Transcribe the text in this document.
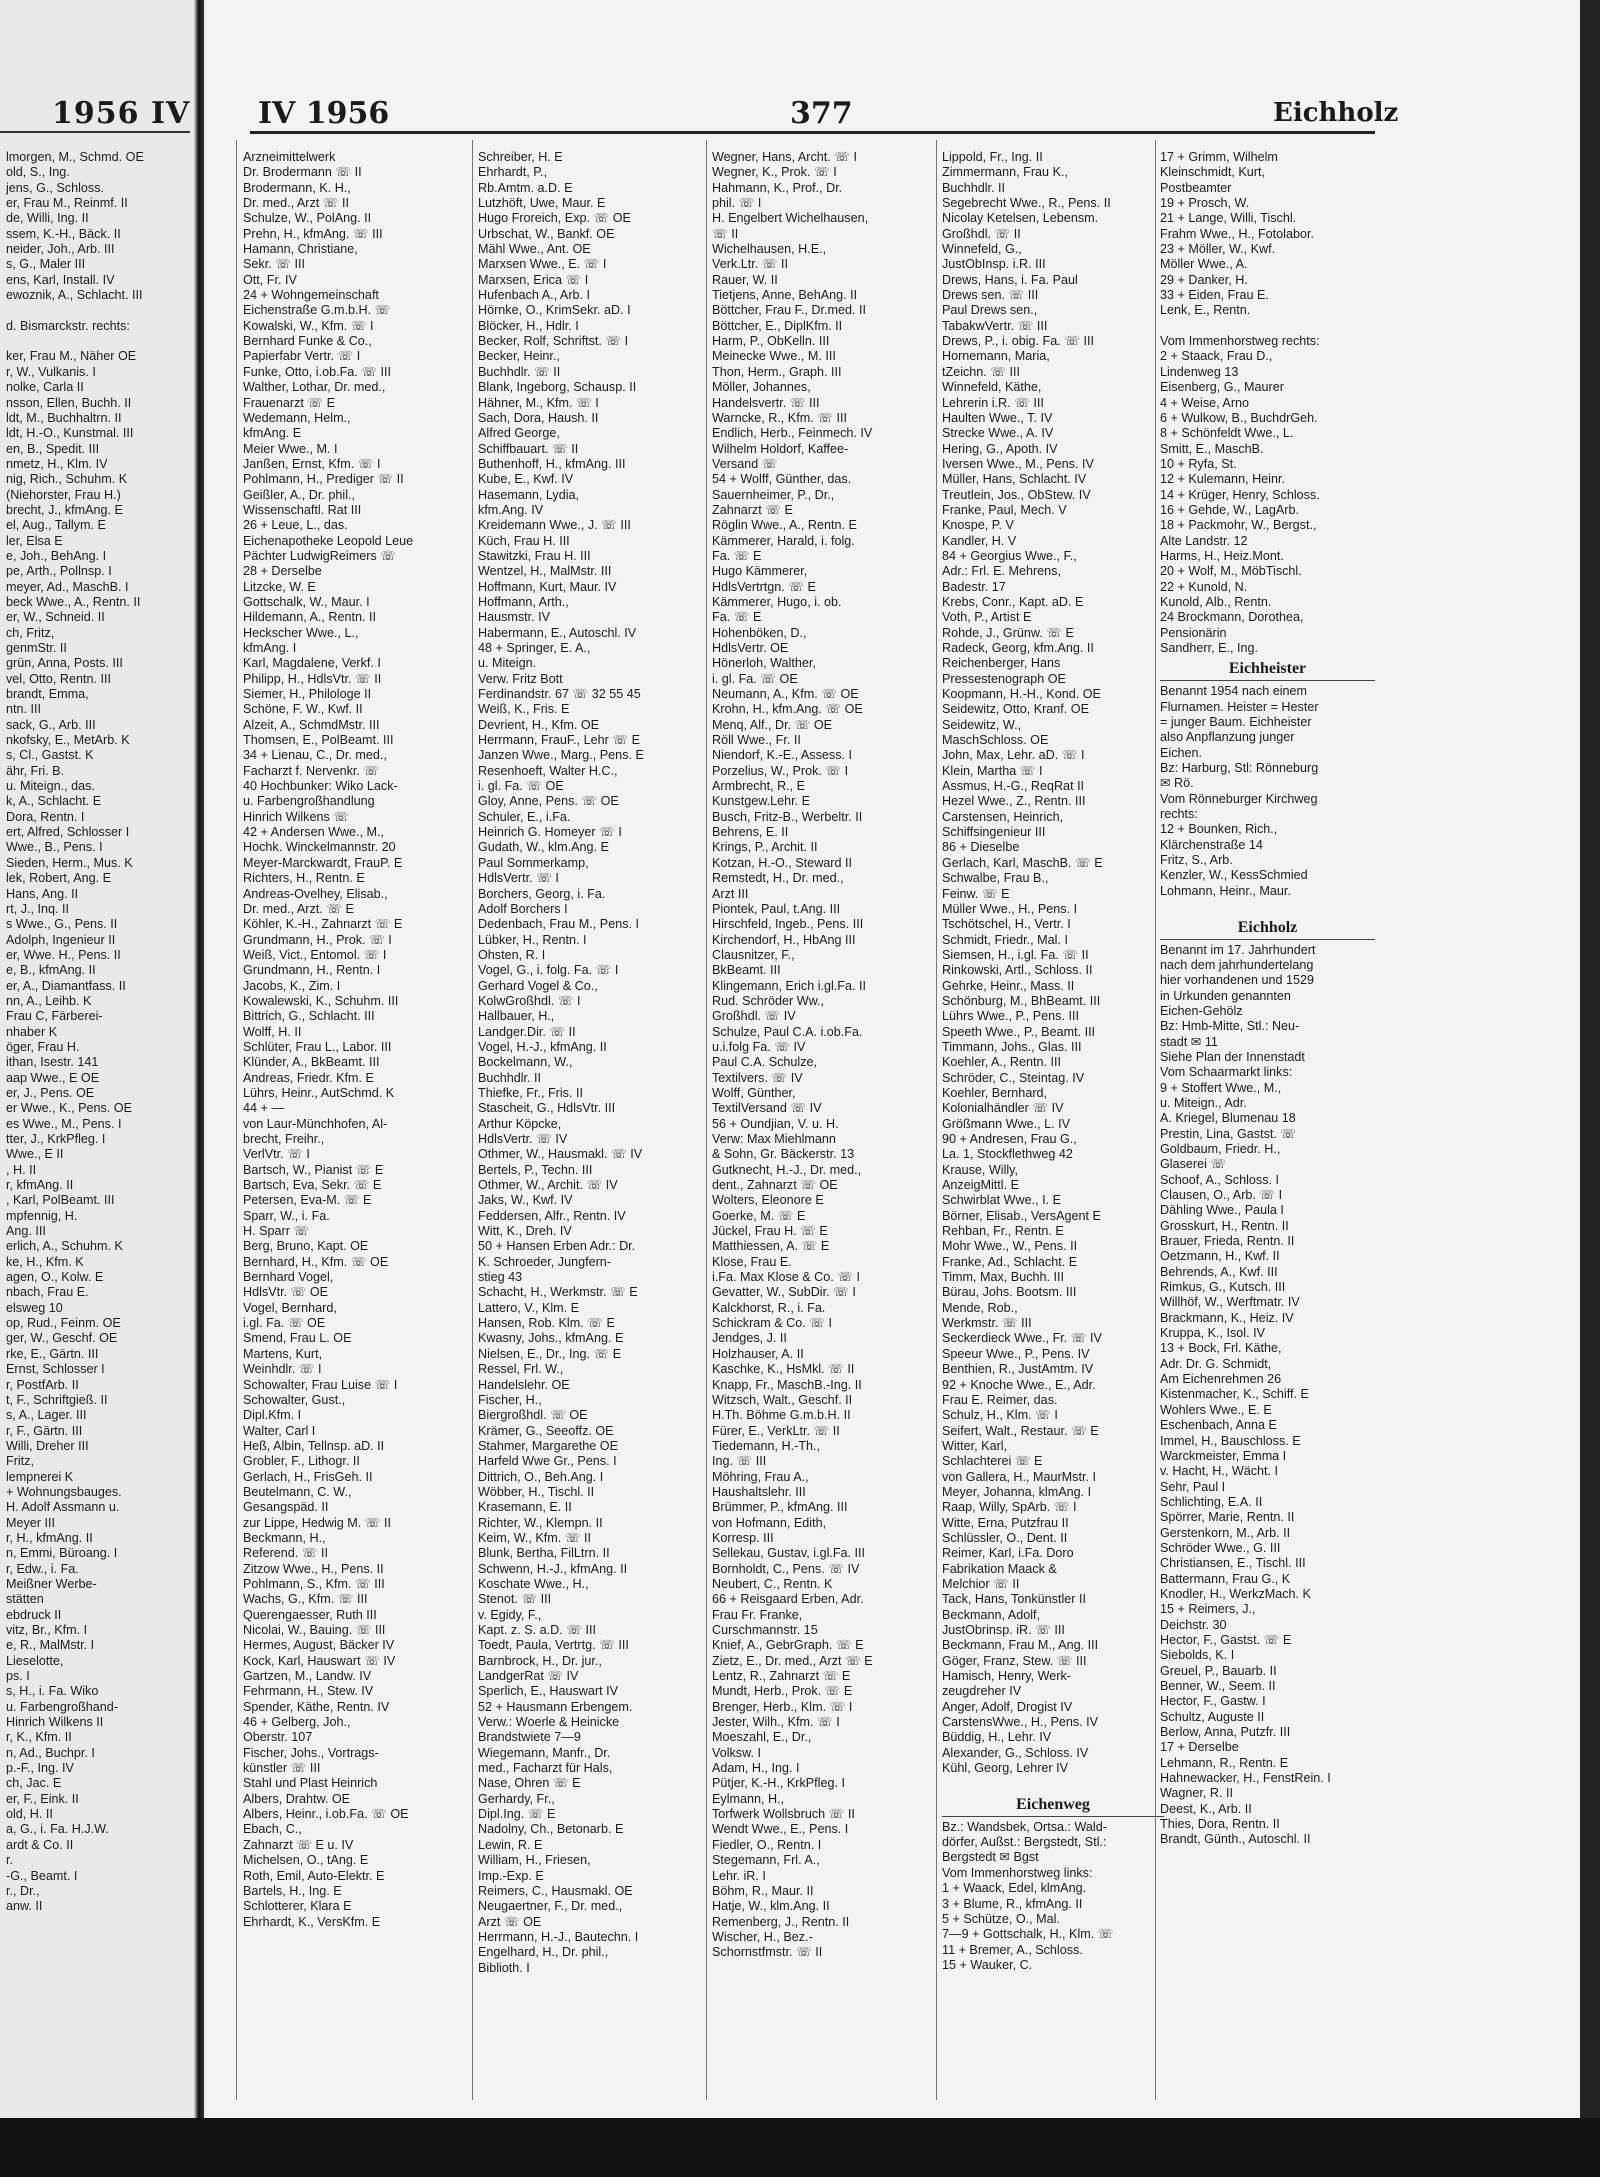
1956 IV IV 1956	377	Eichholz
lmorgen, M., Schmd. OE
old, S., Ing.
jens, G., Schloss.
er, Frau M., Reinmf. II
de, Willi, Ing. II
ssem, K.-H., Bäck. II
neider, Joh., Arb. III
s, G., Maler III
ens, Karl, Install. IV
ewoznik, A., Schlacht. III
d. Bismarckstr. rechts:
ker, Frau M., Näher OE
r, W., Vulkanis. I
nolke, Carla II
nsson, Ellen, Buchh. II
ldt, M., Buchhaltrn. II
ldt, H.-O., Kunstmal. III
en, B., Spedit. III
nmetz, H., Klm. IV
nig, Rich., Schuhm. K
(Niehorster, Frau H.)
brecht, J., kfmAng. E
el, Aug., Tallym. E
ler, Elsa E
e, Joh., BehAng. I
pe, Arth., Pollnsp. I
meyer, Ad., MaschB. I
beck Wwe., A., Rentn. II
er, W., Schneid. II
ch, Fritz,
genmStr. II
grün, Anna, Posts. III
vel, Otto, Rentn. III
brandt, Emma,
ntn. III
sack, G., Arb. III
nkofsky, E., MetArb. K
s, Cl., Gastst. K
ähr, Fri. B.
u. Miteign., das.
k, A., Schlacht. E
Dora, Rentn. I
ert, Alfred, Schlosser I
Wwe., B., Pens. I
Sieden, Herm., Mus. K
lek, Robert, Ang. E
Hans, Ang. II
rt, J., Inq. II
s Wwe., G., Pens. II
Adolph, Ingenieur II
er, Wwe. H., Pens. II
e, B., kfmAng. II
er, A., Diamantfass. II
nn, A., Leihb. K
Frau C, Färberei-
nhaber K
öger, Frau H.
ithan, Isestr. 141
aap Wwe., E OE
er, J., Pens. OE
er Wwe., K., Pens. OE
es Wwe., M., Pens. I
tter, J., KrkPfleg. I
Wwe., E II
, H. II
r, kfmAng. II
, Karl, PolBeamt. III
mpfennig, H.
Ang. III
erlich, A., Schuhm. K
ke, H., Kfm. K
agen, O., Kolw. E
nbach, Frau E.
elsweg 10
op, Rud., Feinm. OE
ger, W., Geschf. OE
rke, E., Gärtn. III
Ernst, Schlosser I
r, PostfArb. II
t, F., Schriftgieß. II
s, A., Lager. III
r, F., Gärtn. III
Willi, Dreher III
Fritz,
lempnerei K
+ Wohnungsbauges.
H. Adolf Assmann u.
Meyer III
r, H., kfmAng. II
n, Emmi, Büroang. I
r, Edw., i. Fa.
Meißner Werbe-
stätten
ebdruck II
vitz, Br., Kfm. I
e, R., MalMstr. I
Lieselotte,
ps. I
s, H., i. Fa. Wiko
u. Farbengroßhand-
Hinrich Wilkens II
r, K., Kfm. II
n, Ad., Buchpr. I
p.-F., Ing. IV
ch, Jac. E
er, F., Eink. II
old, H. II
a, G., i. Fa. H.J.W.
ardt & Co. II
r.
-G., Beamt. I
r., Dr.,
anw. II
Arzneimittelwerk
Dr. Brodermann ☏ II
Brodermann, K. H.,
Dr. med., Arzt ☏ II
Schulze, W., PolAng. II
Prehn, H., kfmAng. ☏ III
Hamann, Christiane,
Sekr. ☏ III
Ott, Fr. IV
24 + Wohngemeinschaft
Eichenstraße G.m.b.H. ☏
Kowalski, W., Kfm. ☏ I
Bernhard Funke & Co.,
Papierfabr Vertr. ☏ I
Funke, Otto, i.ob.Fa. ☏ III
Walther, Lothar, Dr. med.,
Frauenarzt ☏ E
Wedemann, Helm.,
kfmAng. E
Meier Wwe., M. I
Janßen, Ernst, Kfm. ☏ I
Pohlmann, H., Prediger ☏ II
Geißler, A., Dr. phil.,
Wissenschaftl. Rat III
26 + Leue, L., das.
Eichenapotheke Leopold Leue
Pächter LudwigReimers ☏
28 + Derselbe
Litzcke, W. E
Gottschalk, W., Maur. I
Hildemann, A., Rentn. II
Heckscher Wwe., L.,
kfmAng. I
Karl, Magdalene, Verkf. I
Philipp, H., HdlsVtr. ☏ II
Siemer, H., Philologe II
Schöne, F. W., Kwf. II
Alzeit, A., SchmdMstr. III
Thomsen, E., PolBeamt. III
34 + Lienau, C., Dr. med.,
Facharzt f. Nervenkr. ☏
40 Hochbunker: Wiko Lack-
u. Farbengroßhandlung
Hinrich Wilkens ☏
42 + Andersen Wwe., M.,
Hochk. Winckelmannstr. 20
Meyer-Marckwardt, FrauP. E
Richters, H., Rentn. E
Andreas-Ovelhey, Elisab.,
Dr. med., Arzt. ☏ E
Köhler, K.-H., Zahnarzt ☏ E
Grundmann, H., Prok. ☏ I
Weiß, Vict., Entomol. ☏ I
Grundmann, H., Rentn. I
Jacobs, K., Zim. I
Kowalewski, K., Schuhm. III
Bittrich, G., Schlacht. III
Wolff, H. II
Schlüter, Frau L., Labor. III
Klünder, A., BkBeamt. III
Andreas, Friedr. Kfm. E
Lührs, Heinr., AutSchmd. K
44 + —
von Laur-Münchhofen, Al-
brecht, Freihr.,
VerlVtr. ☏ I
Bartsch, W., Pianist ☏ E
Bartsch, Eva, Sekr. ☏ E
Petersen, Eva-M. ☏ E
Sparr, W., i. Fa.
H. Sparr ☏
Berg, Bruno, Kapt. OE
Bernhard, H., Kfm. ☏ OE
Bernhard Vogel,
HdlsVtr. ☏ OE
Vogel, Bernhard,
i.gl. Fa. ☏ OE
Smend, Frau L. OE
Martens, Kurt,
Weinhdlr. ☏ I
Schowalter, Frau Luise ☏ I
Schowalter, Gust.,
Dipl.Kfm. I
Walter, Carl I
Heß, Albin, Tellnsp. aD. II
Grobler, F., Lithogr. II
Gerlach, H., FrisGeh. II
Beutelmann, C. W.,
Gesangspäd. II
zur Lippe, Hedwig M. ☏ II
Beckmann, H.,
Referend. ☏ II
Zitzow Wwe., H., Pens. II
Pohlmann, S., Kfm. ☏ III
Wachs, G., Kfm. ☏ III
Querengaesser, Ruth III
Nicolai, W., Bauing. ☏ III
Hermes, August, Bäcker IV
Kock, Karl, Hauswart ☏ IV
Gartzen, M., Landw. IV
Fehrmann, H., Stew. IV
Spender, Käthe, Rentn. IV
46 + Gelberg, Joh.,
Oberstr. 107
Fischer, Johs., Vortrags-
künstler ☏ III
Stahl und Plast Heinrich
Albers, Drahtw. OE
Albers, Heinr., i.ob.Fa. ☏ OE
Ebach, C.,
Zahnarzt ☏ E u. IV
Michelsen, O., tAng. E
Roth, Emil, Auto-Elektr. E
Bartels, H., Ing. E
Schlotterer, Klara E
Ehrhardt, K., VersKfm. E
Schreiber, H. E
Ehrhardt, P.,
Rb.Amtm. a.D. E
Lutzhöft, Uwe, Maur. E
Hugo Froreich, Exp. ☏ OE
Urbschat, W., Bankf. OE
Mähl Wwe., Ant. OE
Marxsen Wwe., E. ☏ I
Marxsen, Erica ☏ I
Hufenbach A., Arb. I
Hörnke, O., KrimSekr. aD. I
Blöcker, H., Hdlr. I
Becker, Rolf, Schriftst. ☏ I
Becker, Heinr.,
Buchhdlr. ☏ II
Blank, Ingeborg, Schausp. II
Hähner, M., Kfm. ☏ I
Sach, Dora, Haush. II
Alfred George,
Schiffbauart. ☏ II
Buthenhoff, H., kfmAng. III
Kube, E., Kwf. IV
Hasemann, Lydia,
kfm.Ang. IV
Kreidemann Wwe., J. ☏ III
Küch, Frau H. III
Stawitzki, Frau H. III
Wentzel, H., MalMstr. III
Hoffmann, Kurt, Maur. IV
Hoffmann, Arth.,
Hausmstr. IV
Habermann, E., Autoschl. IV
48 + Springer, E. A.,
u. Miteign.
Verw. Fritz Bott
Ferdinandstr. 67 ☏ 32 55 45
Weiß, K., Fris. E
Devrient, H., Kfm. OE
Herrmann, FrauF., Lehr ☏ E
Janzen Wwe., Marg., Pens. E
Resenhoeft, Walter H.C.,
i. gl. Fa. ☏ OE
Gloy, Anne, Pens. ☏ OE
Schuler, E., i.Fa.
Heinrich G. Homeyer ☏ I
Gudath, W., klm.Ang. E
Paul Sommerkamp,
HdlsVertr. ☏ I
Borchers, Georg, i. Fa.
Adolf Borchers I
Dedenbach, Frau M., Pens. I
Lübker, H., Rentn. I
Ohsten, R. I
Vogel, G., i. folg. Fa. ☏ I
Gerhard Vogel & Co.,
KolwGroßhdl. ☏ I
Hallbauer, H.,
Landger.Dir. ☏ II
Vogel, H.-J., kfmAng. II
Bockelmann, W.,
Buchhdlr. II
Thiefke, Fr., Fris. II
Stascheit, G., HdlsVtr. III
Arthur Köpcke,
HdlsVertr. ☏ IV
Othmer, W., Hausmakl. ☏ IV
Bertels, P., Techn. III
Othmer, W., Archit. ☏ IV
Jaks, W., Kwf. IV
Feddersen, Alfr., Rentn. IV
Witt, K., Dreh. IV
50 + Hansen Erben Adr.: Dr.
K. Schroeder, Jungfern-
stieg 43
Schacht, H., Werkmstr. ☏ E
Lattero, V., Klm. E
Hansen, Rob. Klm. ☏ E
Kwasny, Johs., kfmAng. E
Nielsen, E., Dr., Ing. ☏ E
Ressel, Frl. W.,
Handelslehr. OE
Fischer, H.,
Biergroßhdl. ☏ OE
Krämer, G., Seeoffz. OE
Stahmer, Margarethe OE
Harfeld Wwe Gr., Pens. I
Dittrich, O., Beh.Ang. I
Wöbber, H., Tischl. II
Krasemann, E. II
Richter, W., Klempn. II
Keim, W., Kfm. ☏ II
Blunk, Bertha, FilLtrn. II
Schwenn, H.-J., kfmAng. II
Koschate Wwe., H.,
Stenot. ☏ III
v. Egidy, F.,
Kapt. z. S. a.D. ☏ III
Toedt, Paula, Vertrtg. ☏ III
Barnbrock, H., Dr. jur.,
LandgerRat ☏ IV
Sperlich, E., Hauswart IV
52 + Hausmann Erbengem.
Verw.: Woerle & Heinicke
Brandstwiete 7—9
Wiegemann, Manfr., Dr.
med., Facharzt für Hals,
Nase, Ohren ☏ E
Gerhardy, Fr.,
Dipl.Ing. ☏ E
Nadolny, Ch., Betonarb. E
Lewin, R. E
William, H., Friesen,
Imp.-Exp. E
Reimers, C., Hausmakl. OE
Neugaertner, F., Dr. med.,
Arzt ☏ OE
Herrmann, H.-J., Bautechn. I
Engelhard, H., Dr. phil.,
Biblioth. I
Wegner, Hans, Archt. ☏ I
Wegner, K., Prok. ☏ I
Hahmann, K., Prof., Dr.
phil. ☏ I
H. Engelbert Wichelhausen,
☏ II
Wichelhausen, H.E.,
Verk.Ltr. ☏ II
Rauer, W. II
Tietjens, Anne, BehAng. II
Böttcher, Frau F., Dr.med. II
Böttcher, E., DiplKfm. II
Harm, P., ObKelln. III
Meinecke Wwe., M. III
Thon, Herm., Graph. III
Möller, Johannes,
Handelsvertr. ☏ III
Warncke, R., Kfm. ☏ III
Endlich, Herb., Feinmech. IV
Wilhelm Holdorf, Kaffee-
Versand ☏
54 + Wolff, Günther, das.
Sauernheimer, P., Dr.,
Zahnarzt ☏ E
Röglin Wwe., A., Rentn. E
Kämmerer, Harald, i. folg.
Fa. ☏ E
Hugo Kämmerer,
HdlsVertrtgn. ☏ E
Kämmerer, Hugo, i. ob.
Fa. ☏ E
Hohenböken, D.,
HdlsVertr. OE
Hönerloh, Walther,
i. gl. Fa. ☏ OE
Neumann, A., Kfm. ☏ OE
Krohn, H., kfm.Ang. ☏ OE
Menq, Alf., Dr. ☏ OE
Röll Wwe., Fr. II
Niendorf, K.-E., Assess. I
Porzelius, W., Prok. ☏ I
Armbrecht, R., E
Kunstgew.Lehr. E
Busch, Fritz-B., Werbeltr. II
Behrens, E. II
Krings, P., Archit. II
Kotzan, H.-O., Steward II
Remstedt, H., Dr. med.,
Arzt III
Piontek, Paul, t.Ang. III
Hirschfeld, Ingeb., Pens. III
Kirchendorf, H., HbAng III
Clausnitzer, F.,
BkBeamt. III
Klingemann, Erich i.gl.Fa. II
Rud. Schröder Ww.,
Großhdl. ☏ IV
Schulze, Paul C.A. i.ob.Fa.
u.i.folg Fa. ☏ IV
Paul C.A. Schulze,
Textilvers. ☏ IV
Wolff, Günther,
TextilVersand ☏ IV
56 + Oundjian, V. u. H.
Verw: Max Miehlmann
& Sohn, Gr. Bäckerstr. 13
Gutknecht, H.-J., Dr. med.,
dent., Zahnarzt ☏ OE
Wolters, Eleonore E
Goerke, M. ☏ E
Jückel, Frau H. ☏ E
Matthiessen, A. ☏ E
Klose, Frau E.
i.Fa. Max Klose & Co. ☏ I
Gevatter, W., SubDir. ☏ I
Kalckhorst, R., i. Fa.
Schickram & Co. ☏ I
Jendges, J. II
Holzhauser, A. II
Kaschke, K., HsMkl. ☏ II
Knapp, Fr., MaschB.-Ing. II
Witzsch, Walt., Geschf. II
H.Th. Böhme G.m.b.H. II
Fürer, E., VerkLtr. ☏ II
Tiedemann, H.-Th.,
Ing. ☏ III
Möhring, Frau A.,
Haushaltslehr. III
Brümmer, P., kfmAng. III
von Hofmann, Edith,
Korresp. III
Sellekau, Gustav, i.gl.Fa. III
Bornholdt, C., Pens. ☏ IV
Neubert, C., Rentn. K
66 + Reisgaard Erben, Adr.
Frau Fr. Franke,
Curschmannstr. 15
Knief, A., GebrGraph. ☏ E
Zietz, E., Dr. med., Arzt ☏ E
Lentz, R., Zahnarzt ☏ E
Mundt, Herb., Prok. ☏ E
Brenger, Herb., Klm. ☏ I
Jester, Wilh., Kfm. ☏ I
Moeszahl, E., Dr.,
Volksw. I
Adam, H., Ing. I
Pütjer, K.-H., KrkPfleg. I
Eylmann, H.,
Torfwerk Wollsbruch ☏ II
Wendt Wwe., E., Pens. I
Fiedler, O., Rentn. I
Stegemann, Frl. A.,
Lehr. iR. I
Böhm, R., Maur. II
Hatje, W., klm.Ang. II
Remenberg, J., Rentn. II
Wischer, H., Bez.-
Schornstfmstr. ☏ II
Lippold, Fr., Ing. II
Zimmermann, Frau K.,
Buchhdlr. II
Segebrecht Wwe., R., Pens. II
Nicolay Ketelsen, Lebensm.
Großhdl. ☏ II
Winnefeld, G.,
JustObInsp. i.R. III
Drews, Hans, i. Fa. Paul
Drews sen. ☏ III
Paul Drews sen.,
TabakwVertr. ☏ III
Drews, P., i. obig. Fa. ☏ III
Hornemann, Maria,
tZeichn. ☏ III
Winnefeld, Käthe,
Lehrerin i.R. ☏ III
Haulten Wwe., T. IV
Strecke Wwe., A. IV
Hering, G., Apoth. IV
Iversen Wwe., M., Pens. IV
Müller, Hans, Schlacht. IV
Treutlein, Jos., ObStew. IV
Franke, Paul, Mech. V
Knospe, P. V
Kandler, H. V
84 + Georgius Wwe., F.,
Adr.: Frl. E. Mehrens,
Badestr. 17
Krebs, Conr., Kapt. aD. E
Voth, P., Artist E
Rohde, J., Grünw. ☏ E
Radeck, Georg, kfm.Ang. II
Reichenberger, Hans
Pressestenograph OE
Koopmann, H.-H., Kond. OE
Seidewitz, Otto, Kranf. OE
Seidewitz, W.,
MaschSchloss. OE
John, Max, Lehr. aD. ☏ I
Klein, Martha ☏ I
Assmus, H.-G., ReqRat II
Hezel Wwe., Z., Rentn. III
Carstensen, Heinrich,
Schiffsingenieur III
86 + Dieselbe
Gerlach, Karl, MaschB. ☏ E
Schwalbe, Frau B.,
Feinw. ☏ E
Müller Wwe., H., Pens. I
Tschötschel, H., Vertr. I
Schmidt, Friedr., Mal. I
Siemsen, H., i.gl. Fa. ☏ II
Rinkowski, Artl., Schloss. II
Gehrke, Heinr., Mass. II
Schönburg, M., BhBeamt. III
Lührs Wwe., P., Pens. III
Speeth Wwe., P., Beamt. III
Timmann, Johs., Glas. III
Koehler, A., Rentn. III
Schröder, C., Steintag. IV
Koehler, Bernhard,
Kolonialhändler ☏ IV
Größmann Wwe., L. IV
90 + Andresen, Frau G.,
La. 1, Stockflethweg 42
Krause, Willy,
AnzeigMittl. E
Schwirblat Wwe., I. E
Börner, Elisab., VersAgent E
Rehban, Fr., Rentn. E
Mohr Wwe., W., Pens. II
Franke, Ad., Schlacht. E
Timm, Max, Buchh. III
Bürau, Johs. Bootsm. III
Mende, Rob.,
Werkmstr. ☏ III
Seckerdieck Wwe., Fr. ☏ IV
Speeur Wwe., P., Pens. IV
Benthien, R., JustAmtm. IV
92 + Knoche Wwe., E., Adr.
Frau E. Reimer, das.
Schulz, H., Klm. ☏ I
Seifert, Walt., Restaur. ☏ E
Witter, Karl,
Schlachterei ☏ E
von Gallera, H., MaurMstr. I
Meyer, Johanna, klmAng. I
Raap, Willy, SpArb. ☏ I
Witte, Erna, Putzfrau II
Schlüssler, O., Dent. II
Reimer, Karl, i.Fa. Doro
Fabrikation Maack &
Melchior ☏ II
Tack, Hans, Tonkünstler II
Beckmann, Adolf,
JustObrinsp. iR. ☏ III
Beckmann, Frau M., Ang. III
Göger, Franz, Stew. ☏ III
Hamisch, Henry, Werk-
zeugdreher IV
Anger, Adolf, Drogist IV
CarstensWwe., H., Pens. IV
Büddig, H., Lehr. IV
Alexander, G., Schloss. IV
Kühl, Georg, Lehrer IV
Eichenweg
Bz.: Wandsbek, Ortsa.: Wald-
dörfer, Außst.: Bergstedt, Stl.:
Bergstedt ✉ Bgst
Vom Immenhorstweg links:
1 + Waack, Edel, klmAng.
3 + Blume, R., kfmAng. II
5 + Schütze, O., Mal.
7—9 + Gottschalk, H., Klm. ☏
11 + Bremer, A., Schloss.
15 + Wauker, C.
17 + Grimm, Wilhelm
Kleinschmidt, Kurt,
Postbeamter
19 + Prosch, W.
21 + Lange, Willi, Tischl.
Frahm Wwe., H., Fotolabor.
23 + Möller, W., Kwf.
Möller Wwe., A.
29 + Danker, H.
33 + Eiden, Frau E.
Lenk, E., Rentn.
Vom Immenhorstweg rechts:
2 + Staack, Frau D.,
Lindenweg 13
Eisenberg, G., Maurer
4 + Weise, Arno
6 + Wulkow, B., BuchdrGeh.
8 + Schönfeldt Wwe., L.
Smitt, E., MaschB.
10 + Ryfa, St.
12 + Kulemann, Heinr.
14 + Krüger, Henry, Schloss.
16 + Gehde, W., LagArb.
18 + Packmohr, W., Bergst.,
Alte Landstr. 12
Harms, H., Heiz.Mont.
20 + Wolf, M., MöbTischl.
22 + Kunold, N.
Kunold, Alb., Rentn.
24 Brockmann, Dorothea,
Pensionärin
Sandherr, E., Ing.
Eichheister
Benannt 1954 nach einem
Flurnamen. Heister = Hester
= junger Baum. Eichheister
also Anpflanzung junger
Eichen.
Bz: Harburg, Stl: Rönneburg
✉ Rö.
Vom Rönneburger Kirchweg
rechts:
12 + Bounken, Rich.,
Klärchenstraße 14
Fritz, S., Arb.
Kenzler, W., KessSchmied
Lohmann, Heinr., Maur.
Eichholz
Benannt im 17. Jahrhundert
nach dem jahrhundertelang
hier vorhandenen und 1529
in Urkunden genannten
Eichen-Gehölz
Bz: Hmb-Mitte, Stl.: Neu-
stadt ✉ 11
Siehe Plan der Innenstadt
Vom Schaarmarkt links:
9 + Stoffert Wwe., M.,
u. Miteign., Adr.
A. Kriegel, Blumenau 18
Prestin, Lina, Gastst. ☏
Goldbaum, Friedr. H.,
Glaserei ☏
Schoof, A., Schloss. I
Clausen, O., Arb. ☏ I
Dähling Wwe., Paula I
Grosskurt, H., Rentn. II
Brauer, Frieda, Rentn. II
Oetzmann, H., Kwf. II
Behrends, A., Kwf. III
Rimkus, G., Kutsch. III
Willhöf, W., Werftmatr. IV
Brackmann, K., Heiz. IV
Kruppa, K., Isol. IV
13 + Bock, Frl. Käthe,
Adr. Dr. G. Schmidt,
Am Eichenrehmen 26
Kistenmacher, K., Schiff. E
Wohlers Wwe., E. E
Eschenbach, Anna E
Immel, H., Bauschloss. E
Warckmeister, Emma I
v. Hacht, H., Wächt. I
Sehr, Paul I
Schlichting, E.A. II
Spörrer, Marie, Rentn. II
Gerstenkorn, M., Arb. II
Schröder Wwe., G. III
Christiansen, E., Tischl. III
Battermann, Frau G., K
Knodler, H., WerkzMach. K
15 + Reimers, J.,
Deichstr. 30
Hector, F., Gastst. ☏ E
Siebolds, K. I
Greuel, P., Bauarb. II
Benner, W., Seem. II
Hector, F., Gastw. I
Schultz, Auguste II
Berlow, Anna, Putzfr. III
17 + Derselbe
Lehmann, R., Rentn. E
Hahnewacker, H., FenstRein. I
Wagner, R. II
Deest, K., Arb. II
Thies, Dora, Rentn. II
Brandt, Günth., Autoschl. II
